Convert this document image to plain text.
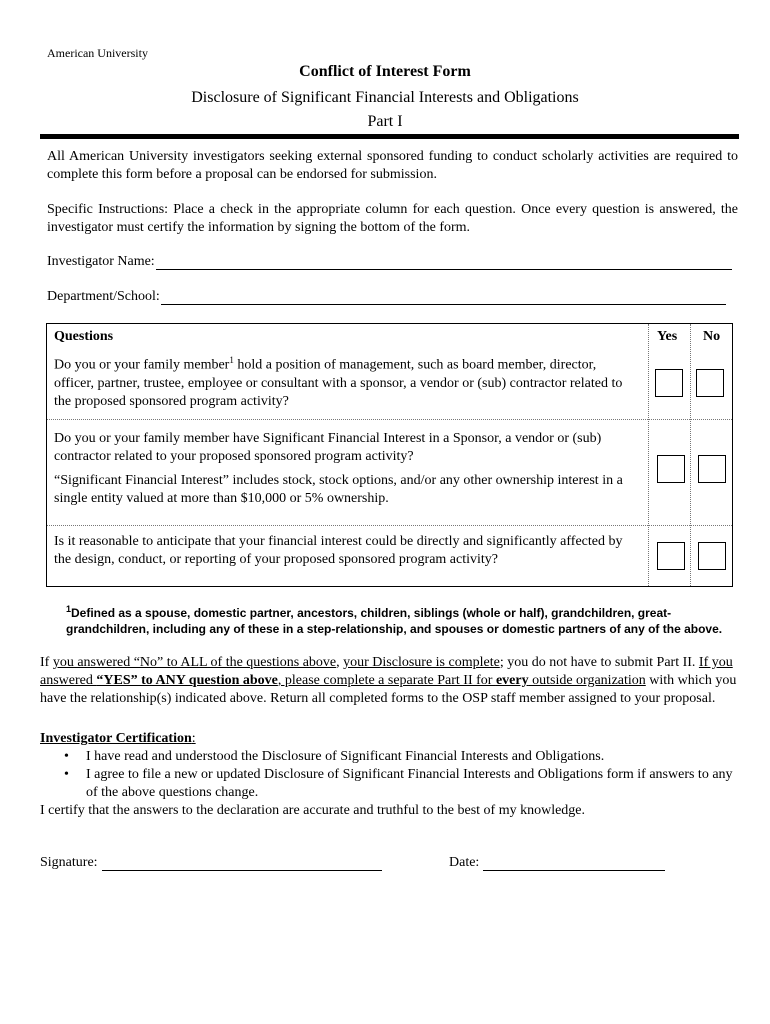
American University
Conflict of Interest Form
Disclosure of Significant Financial Interests and Obligations
Part I
All American University investigators seeking external sponsored funding to conduct scholarly activities are required to complete this form before a proposal can be endorsed for submission.
Specific Instructions: Place a check in the appropriate column for each question. Once every question is answered, the investigator must certify the information by signing the bottom of the form.
Investigator Name:
Department/School:
Questions	Yes No
Do you or your family member$^1$ hold a position of management, such as board member, director, officer, partner, trustee, employee or consultant with a sponsor, a vendor or (sub) contractor related to the proposed sponsored program activity?
Do you or your family member have Significant Financial Interest in a Sponsor, a vendor or (sub) contractor related to your proposed sponsored program activity?
“Significant Financial Interest” includes stock, stock options, and/or any other ownership interest in a single entity valued at more than $10,000 or 5% ownership.
Is it reasonable to anticipate that your financial interest could be directly and significantly affected by the design, conduct, or reporting of your proposed sponsored program activity?
$^1$Defined as a spouse, domestic partner, ancestors, children, siblings (whole or half), grandchildren, great-grandchildren, including any of these in a step-relationship, and spouses or domestic partners of any of the above.
If you answered “No” to ALL of the questions above, your Disclosure is complete; you do not have to submit Part II. If you answered “YES” to ANY question above, please complete a separate Part II for every outside organization with which you have the relationship(s) indicated above. Return all completed forms to the OSP staff member assigned to your proposal.
Investigator Certification:
• I have read and understood the Disclosure of Significant Financial Interests and Obligations.
• I agree to file a new or updated Disclosure of Significant Financial Interests and Obligations form if answers to any of the above questions change.
I certify that the answers to the declaration are accurate and truthful to the best of my knowledge.
Signature:	Date:
